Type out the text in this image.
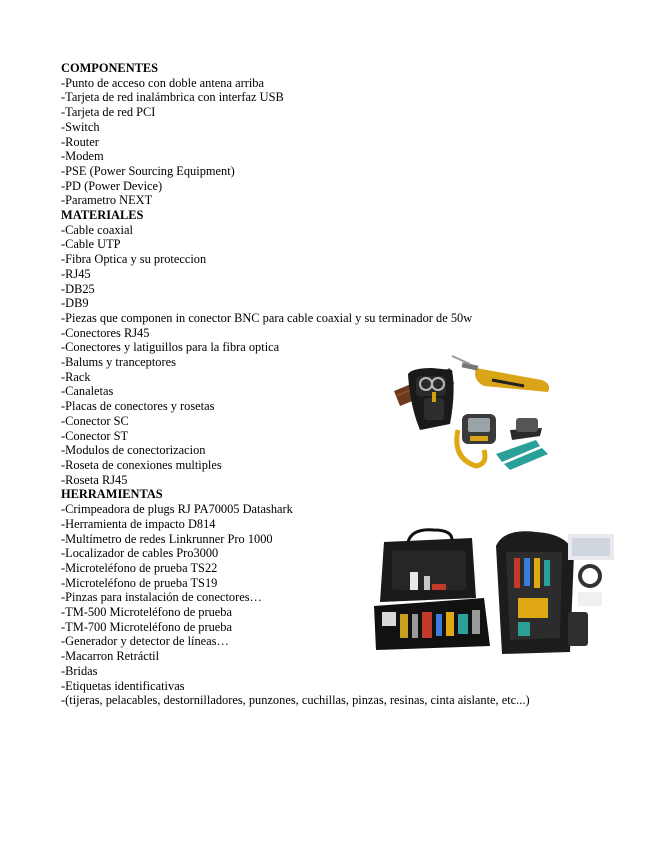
COMPONENTES
-Punto de acceso con doble antena arriba
-Tarjeta de red inalámbrica con interfaz USB
-Tarjeta de red PCI
-Switch
-Router
-Modem
-PSE (Power Sourcing Equipment)
-PD (Power Device)
-Parametro NEXT
MATERIALES
-Cable coaxial
-Cable UTP
-Fibra Optica y su proteccion
-RJ45
-DB25
-DB9
-Piezas que componen in conector BNC para cable coaxial y su terminador de 50w
-Conectores RJ45
-Conectores y latiguillos para la fibra optica
-Balums y tranceptores
-Rack
-Canaletas
-Placas de conectores y rosetas
-Conector SC
-Conector ST
-Modulos de conectorizacion
-Roseta de conexiones multiples
-Roseta RJ45
HERRAMIENTAS
-Crimpeadora de plugs RJ PA70005 Datashark
-Herramienta de impacto D814
-Multímetro de redes Linkrunner Pro 1000
-Localizador de cables Pro3000
-Microteléfono de prueba TS22
-Microteléfono de prueba TS19
-Pinzas para instalación de conectores…
-TM-500 Microteléfono de prueba
-TM-700 Microteléfono de prueba
-Generador y detector de líneas…
-Macarron Retráctil
-Bridas
-Etiquetas identificativas
-(tijeras, pelacables, destornilladores, punzones, cuchillas, pinzas, resinas, cinta aislante, etc...)
